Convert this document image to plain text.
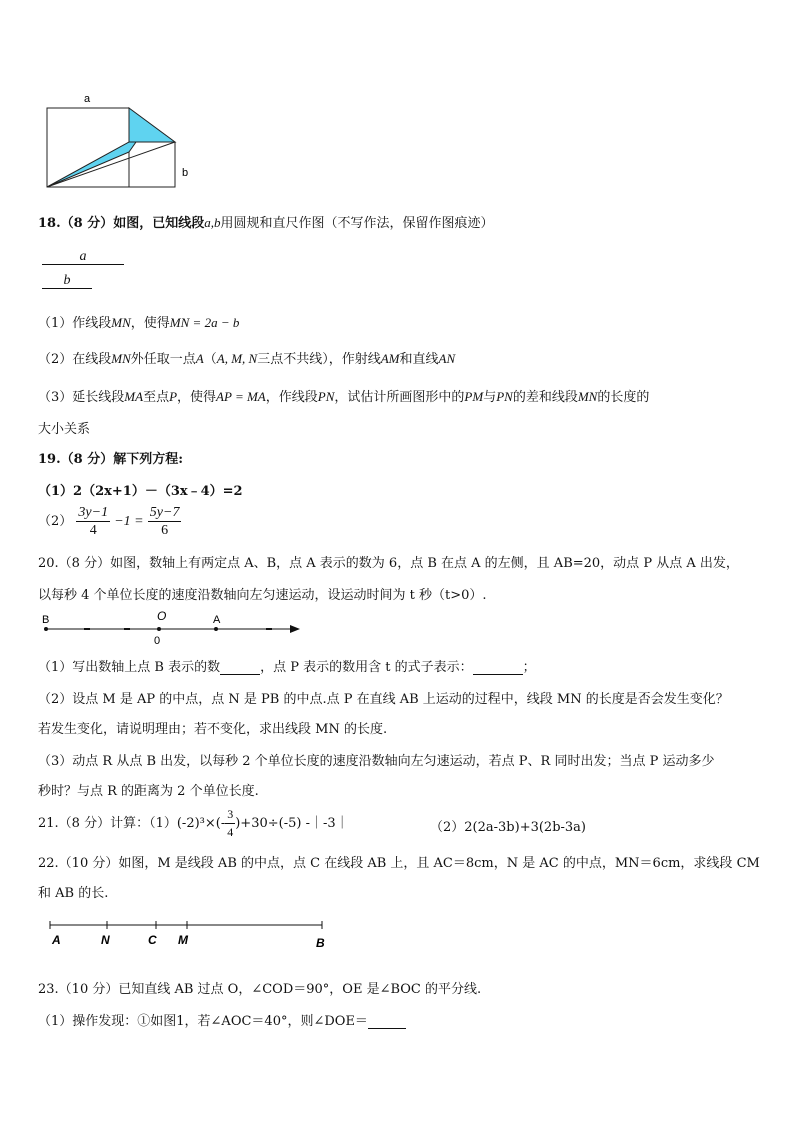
a
b
18.（8 分）如图，已知线段a,b用圆规和直尺作图（不写作法，保留作图痕迹）
a
b
（1）作线段MN，使得MN = 2a − b
（2）在线段MN外任取一点A（A, M, N三点不共线），作射线AM和直线AN
（3）延长线段MA至点P，使得AP = MA，作线段PN，试估计所画图形中的PM与PN的差和线段MN的长度的
大小关系
19.（8 分）解下列方程:
（1）2（2x+1）－（3x﹣4）=2
$(2) \frac{3y-1}{4} -1 = \frac{5y-7}{6}$
20.（8 分）如图，数轴上有两定点 A、B，点 A 表示的数为 6，点 B 在点 A 的左侧，且 AB=20，动点 P 从点 A 出发，
以每秒 4 个单位长度的速度沿数轴向左匀速运动，设运动时间为 t 秒（t>0）.
B	O
0
A
（1）写出数轴上点 B 表示的数	，点 P 表示的数用含 t 的式子表示：	；
（2）设点 M 是 AP 的中点，点 N 是 PB 的中点.点 P 在直线 AB 上运动的过程中，线段 MN 的长度是否会发生变化？
若发生变化，请说明理由；若不变化，求出线段 MN 的长度.
（3）动点 R 从点 B 出发，以每秒 2 个单位长度的速度沿数轴向左匀速运动，若点 P、R 同时出发；当点 P 运动多少
秒时？与点 R 的距离为 2 个单位长度.
21.（8 分）计算：$(1)(-2)^3\times(- \frac{3}{4} )+30\div(-5)$ -｜-3｜	（2）2(2a-3b)+3(2b-3a)
22.（10 分）如图，M 是线段 AB 的中点，点 C 在线段 AB 上，且 AC＝8cm，N 是 AC 的中点，MN＝6cm，求线段 CM
和 AB 的长.
A	N	C M	B
23.（10 分）已知直线 AB 过点 O，∠COD＝90°，OE 是∠BOC 的平分线.
（1）操作发现：①如图1，若∠AOC＝40°，则∠DOE＝
